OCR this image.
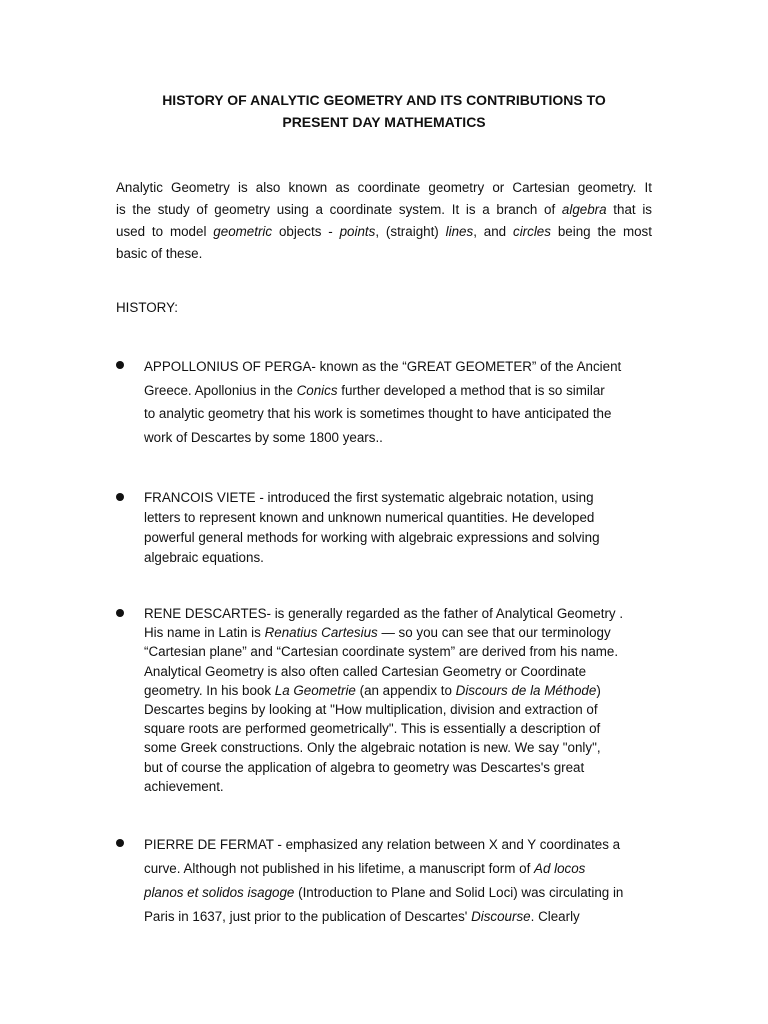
HISTORY OF ANALYTIC GEOMETRY AND ITS CONTRIBUTIONS TO
PRESENT DAY MATHEMATICS
Analytic Geometry is also known as coordinate geometry or Cartesian geometry. It
is the study of geometry using a coordinate system. It is a branch of algebra that is
used to model geometric objects - points, (straight) lines, and circles being the most
basic of these.
HISTORY:
APPOLLONIUS OF PERGA- known as the “GREAT GEOMETER” of the Ancient
Greece. Apollonius in the Conics further developed a method that is so similar
to analytic geometry that his work is sometimes thought to have anticipated the
work of Descartes by some 1800 years..
FRANCOIS VIETE - introduced the first systematic algebraic notation, using
letters to represent known and unknown numerical quantities. He developed
powerful general methods for working with algebraic expressions and solving
algebraic equations.
RENE DESCARTES- is generally regarded as the father of Analytical Geometry .
His name in Latin is Renatius Cartesius — so you can see that our terminology
“Cartesian plane” and “Cartesian coordinate system” are derived from his name.
Analytical Geometry is also often called Cartesian Geometry or Coordinate
geometry. In his book La Geometrie (an appendix to Discours de la Méthode)
Descartes begins by looking at "How multiplication, division and extraction of
square roots are performed geometrically". This is essentially a description of
some Greek constructions. Only the algebraic notation is new. We say "only",
but of course the application of algebra to geometry was Descartes's great
achievement.
PIERRE DE FERMAT - emphasized any relation between X and Y coordinates a
curve. Although not published in his lifetime, a manuscript form of Ad locos
planos et solidos isagoge (Introduction to Plane and Solid Loci) was circulating in
Paris in 1637, just prior to the publication of Descartes' Discourse. Clearly
